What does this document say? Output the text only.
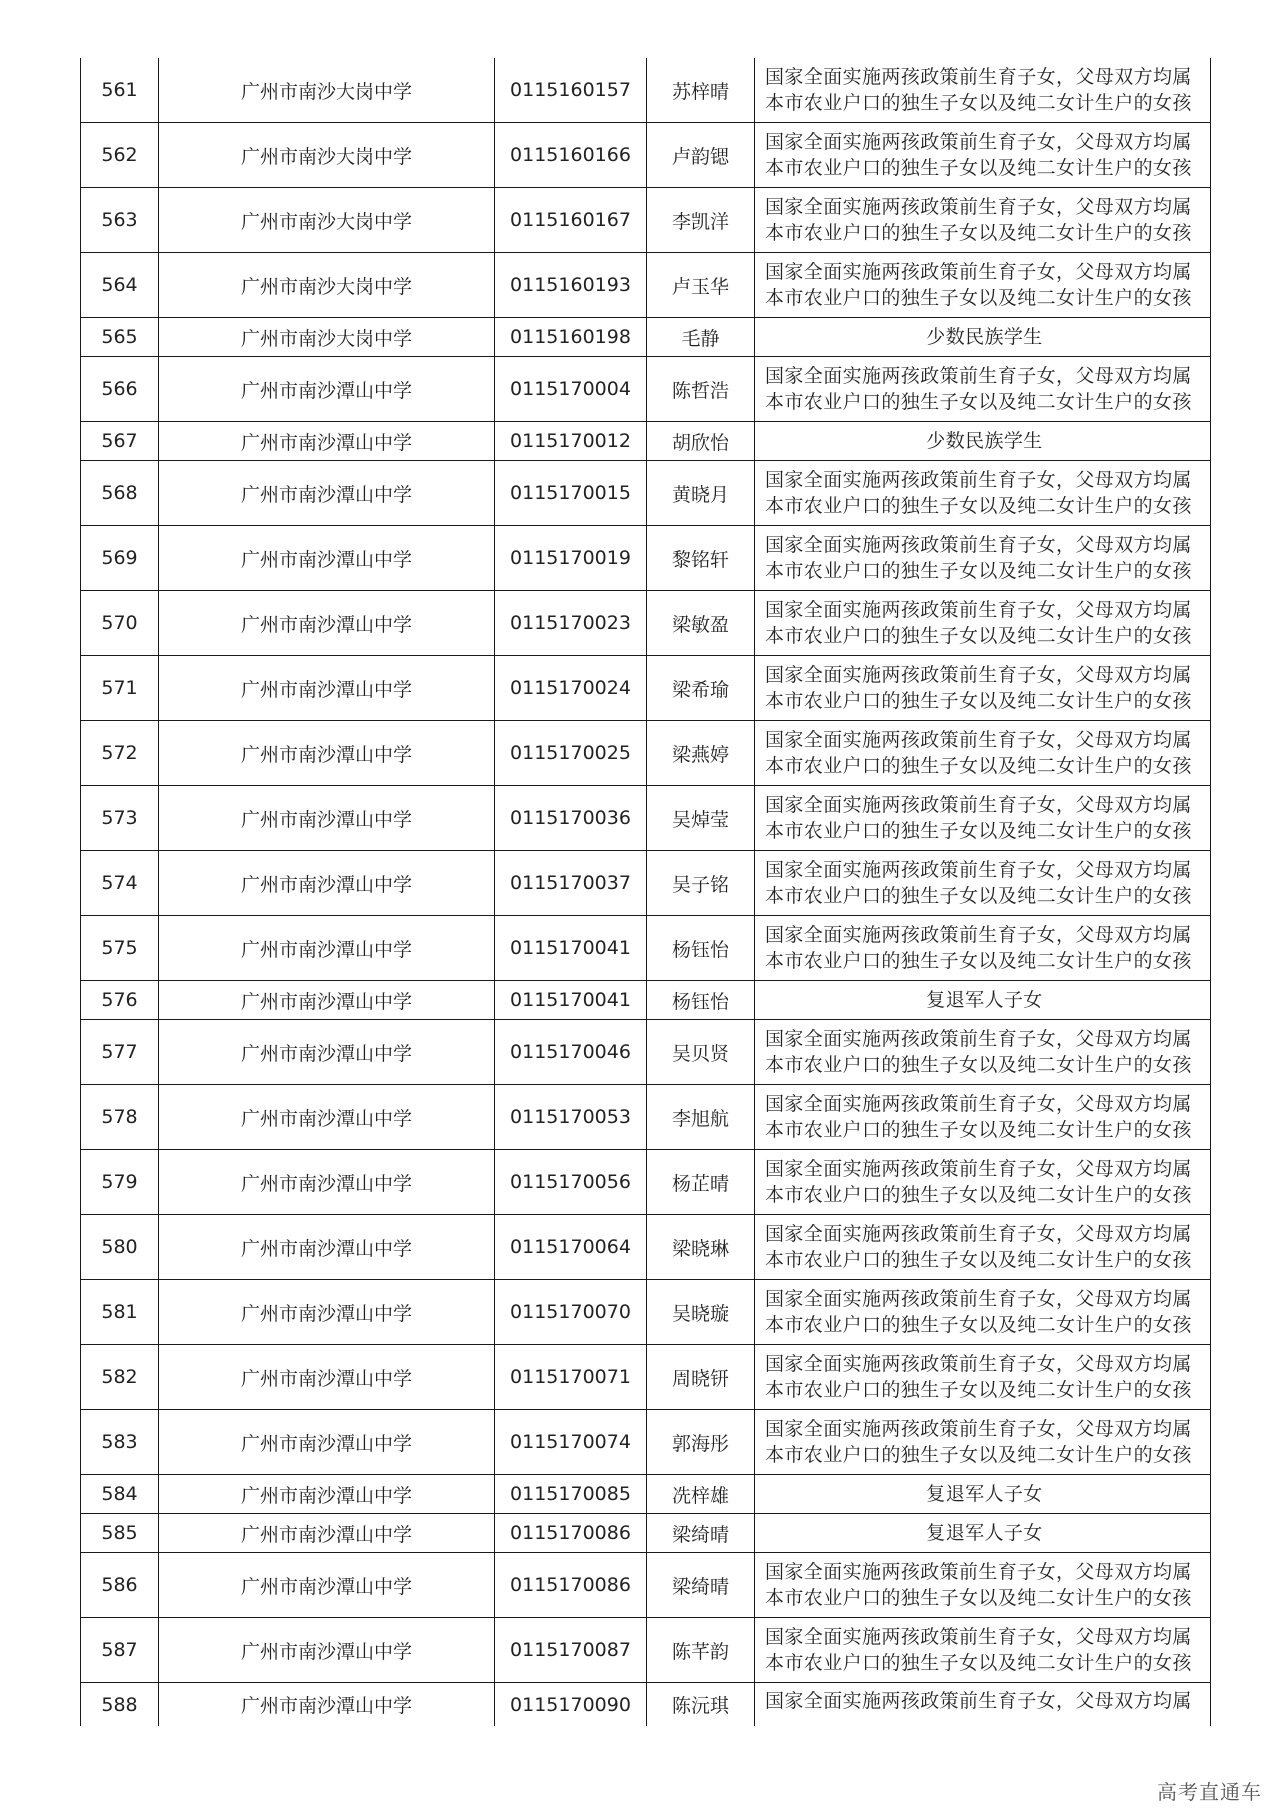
561	广州市南沙大岗中学	0115160157	苏梓晴	国家全面实施两孩政策前生育子女，父母双方均属本市农业户口的独生子女以及纯二女计生户的女孩
562	广州市南沙大岗中学	0115160166	卢韵锶	国家全面实施两孩政策前生育子女，父母双方均属本市农业户口的独生子女以及纯二女计生户的女孩
563	广州市南沙大岗中学	0115160167	李凯洋	国家全面实施两孩政策前生育子女，父母双方均属本市农业户口的独生子女以及纯二女计生户的女孩
564	广州市南沙大岗中学	0115160193	卢玉华	国家全面实施两孩政策前生育子女，父母双方均属本市农业户口的独生子女以及纯二女计生户的女孩
565	广州市南沙大岗中学	0115160198	毛静	少数民族学生
566	广州市南沙潭山中学	0115170004	陈哲浩	国家全面实施两孩政策前生育子女，父母双方均属本市农业户口的独生子女以及纯二女计生户的女孩
567	广州市南沙潭山中学	0115170012	胡欣怡	少数民族学生
568	广州市南沙潭山中学	0115170015	黄晓月	国家全面实施两孩政策前生育子女，父母双方均属本市农业户口的独生子女以及纯二女计生户的女孩
569	广州市南沙潭山中学	0115170019	黎铭轩	国家全面实施两孩政策前生育子女，父母双方均属本市农业户口的独生子女以及纯二女计生户的女孩
570	广州市南沙潭山中学	0115170023	梁敏盈	国家全面实施两孩政策前生育子女，父母双方均属本市农业户口的独生子女以及纯二女计生户的女孩
571	广州市南沙潭山中学	0115170024	梁希瑜	国家全面实施两孩政策前生育子女，父母双方均属本市农业户口的独生子女以及纯二女计生户的女孩
572	广州市南沙潭山中学	0115170025	梁燕婷	国家全面实施两孩政策前生育子女，父母双方均属本市农业户口的独生子女以及纯二女计生户的女孩
573	广州市南沙潭山中学	0115170036	吴焯莹	国家全面实施两孩政策前生育子女，父母双方均属本市农业户口的独生子女以及纯二女计生户的女孩
574	广州市南沙潭山中学	0115170037	吴子铭	国家全面实施两孩政策前生育子女，父母双方均属本市农业户口的独生子女以及纯二女计生户的女孩
575	广州市南沙潭山中学	0115170041	杨钰怡	国家全面实施两孩政策前生育子女，父母双方均属本市农业户口的独生子女以及纯二女计生户的女孩
576	广州市南沙潭山中学	0115170041	杨钰怡	复退军人子女
577	广州市南沙潭山中学	0115170046	吴贝贤	国家全面实施两孩政策前生育子女，父母双方均属本市农业户口的独生子女以及纯二女计生户的女孩
578	广州市南沙潭山中学	0115170053	李旭航	国家全面实施两孩政策前生育子女，父母双方均属本市农业户口的独生子女以及纯二女计生户的女孩
579	广州市南沙潭山中学	0115170056	杨芷晴	国家全面实施两孩政策前生育子女，父母双方均属本市农业户口的独生子女以及纯二女计生户的女孩
580	广州市南沙潭山中学	0115170064	梁晓琳	国家全面实施两孩政策前生育子女，父母双方均属本市农业户口的独生子女以及纯二女计生户的女孩
581	广州市南沙潭山中学	0115170070	吴晓璇	国家全面实施两孩政策前生育子女，父母双方均属本市农业户口的独生子女以及纯二女计生户的女孩
582	广州市南沙潭山中学	0115170071	周晓钘	国家全面实施两孩政策前生育子女，父母双方均属本市农业户口的独生子女以及纯二女计生户的女孩
583	广州市南沙潭山中学	0115170074	郭海彤	国家全面实施两孩政策前生育子女，父母双方均属本市农业户口的独生子女以及纯二女计生户的女孩
584	广州市南沙潭山中学	0115170085	冼梓雄	复退军人子女
585	广州市南沙潭山中学	0115170086	梁绮晴	复退军人子女
586	广州市南沙潭山中学	0115170086	梁绮晴	国家全面实施两孩政策前生育子女，父母双方均属本市农业户口的独生子女以及纯二女计生户的女孩
587	广州市南沙潭山中学	0115170087	陈芊韵	国家全面实施两孩政策前生育子女，父母双方均属本市农业户口的独生子女以及纯二女计生户的女孩
588	广州市南沙潭山中学	0115170090	陈沅琪	国家全面实施两孩政策前生育子女，父母双方均属
高考直通车
